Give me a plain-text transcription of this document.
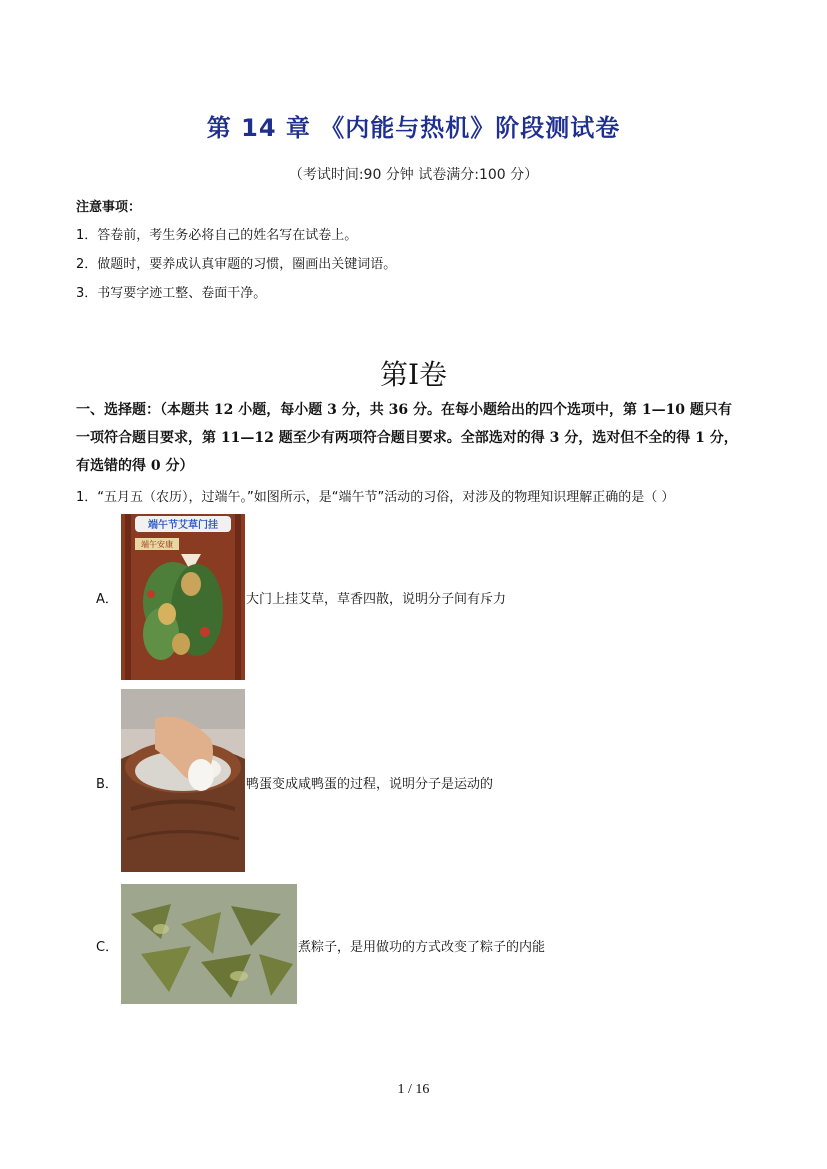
第 14 章 《内能与热机》阶段测试卷
（考试时间:90 分钟 试卷满分:100 分）
注意事项：
1．答卷前，考生务必将自己的姓名写在试卷上。
2．做题时，要养成认真审题的习惯，圈画出关键词语。
3．书写要字迹工整、卷面干净。
第I卷
一、选择题：（本题共 12 小题，每小题 3 分，共 36 分。在每小题给出的四个选项中，第 1—10 题只有
一项符合题目要求，第 11—12 题至少有两项符合题目要求。全部选对的得 3 分，选对但不全的得 1 分，
有选错的得 0 分）
1．“五月五（农历），过端午。”如图所示，是“端午节”活动的习俗，对涉及的物理知识理解正确的是（ ）
A．
端午节艾草门挂
端午安康
大门上挂艾草，草香四散，说明分子间有斥力
B．	鸭蛋变成咸鸭蛋的过程，说明分子是运动的
C．	煮粽子，是用做功的方式改变了粽子的内能
1 / 16
